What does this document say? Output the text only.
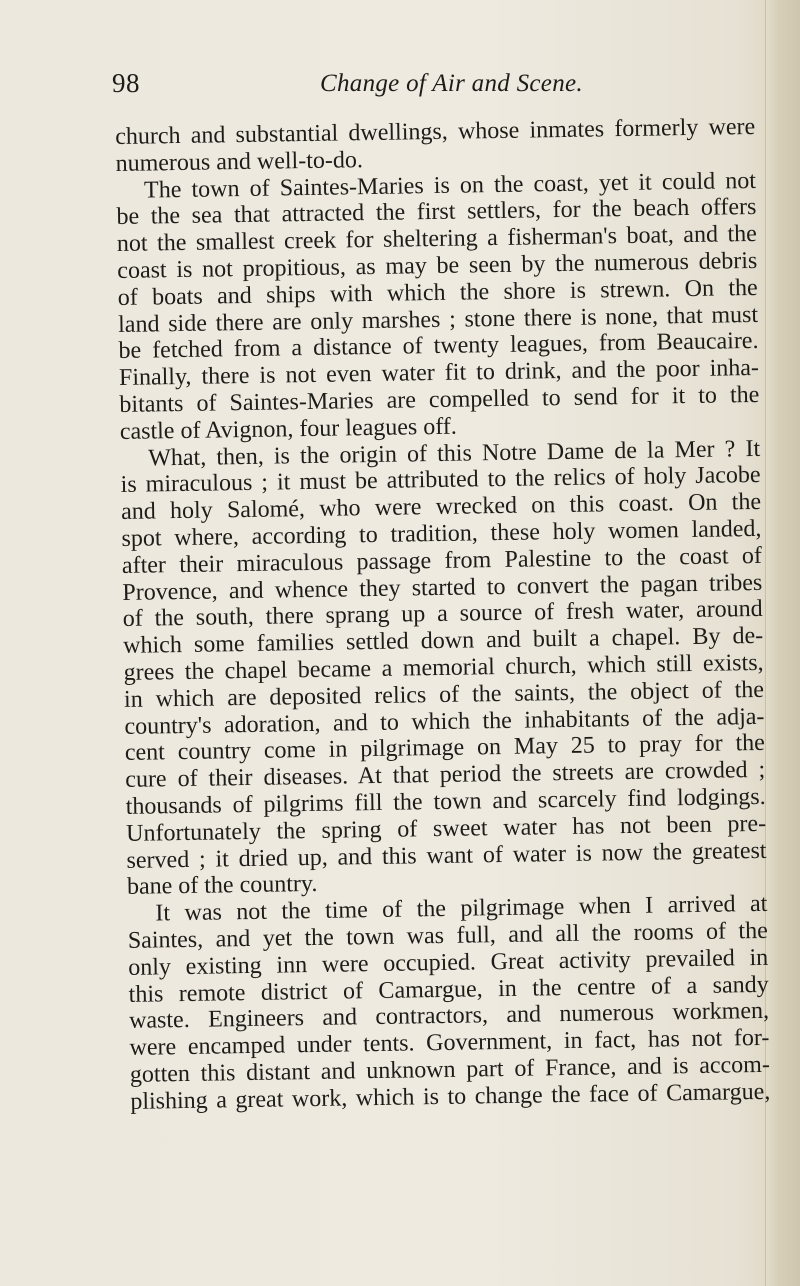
98	Change of Air and Scene.
church and substantial dwellings, whose inmates formerly were
numerous and well-to-do.
The town of Saintes-Maries is on the coast, yet it could not
be the sea that attracted the first settlers, for the beach offers
not the smallest creek for sheltering a fisherman's boat, and the
coast is not propitious, as may be seen by the numerous debris
of boats and ships with which the shore is strewn. On the
land side there are only marshes ; stone there is none, that must
be fetched from a distance of twenty leagues, from Beaucaire.
Finally, there is not even water fit to drink, and the poor inha-
bitants of Saintes-Maries are compelled to send for it to the
castle of Avignon, four leagues off.
What, then, is the origin of this Notre Dame de la Mer ? It
is miraculous ; it must be attributed to the relics of holy Jacobe
and holy Salomé, who were wrecked on this coast. On the
spot where, according to tradition, these holy women landed,
after their miraculous passage from Palestine to the coast of
Provence, and whence they started to convert the pagan tribes
of the south, there sprang up a source of fresh water, around
which some families settled down and built a chapel. By de-
grees the chapel became a memorial church, which still exists,
in which are deposited relics of the saints, the object of the
country's adoration, and to which the inhabitants of the adja-
cent country come in pilgrimage on May 25 to pray for the
cure of their diseases. At that period the streets are crowded ;
thousands of pilgrims fill the town and scarcely find lodgings.
Unfortunately the spring of sweet water has not been pre-
served ; it dried up, and this want of water is now the greatest
bane of the country.
It was not the time of the pilgrimage when I arrived at
Saintes, and yet the town was full, and all the rooms of the
only existing inn were occupied. Great activity prevailed in
this remote district of Camargue, in the centre of a sandy
waste. Engineers and contractors, and numerous workmen,
were encamped under tents. Government, in fact, has not for-
gotten this distant and unknown part of France, and is accom-
plishing a great work, which is to change the face of Camargue,
